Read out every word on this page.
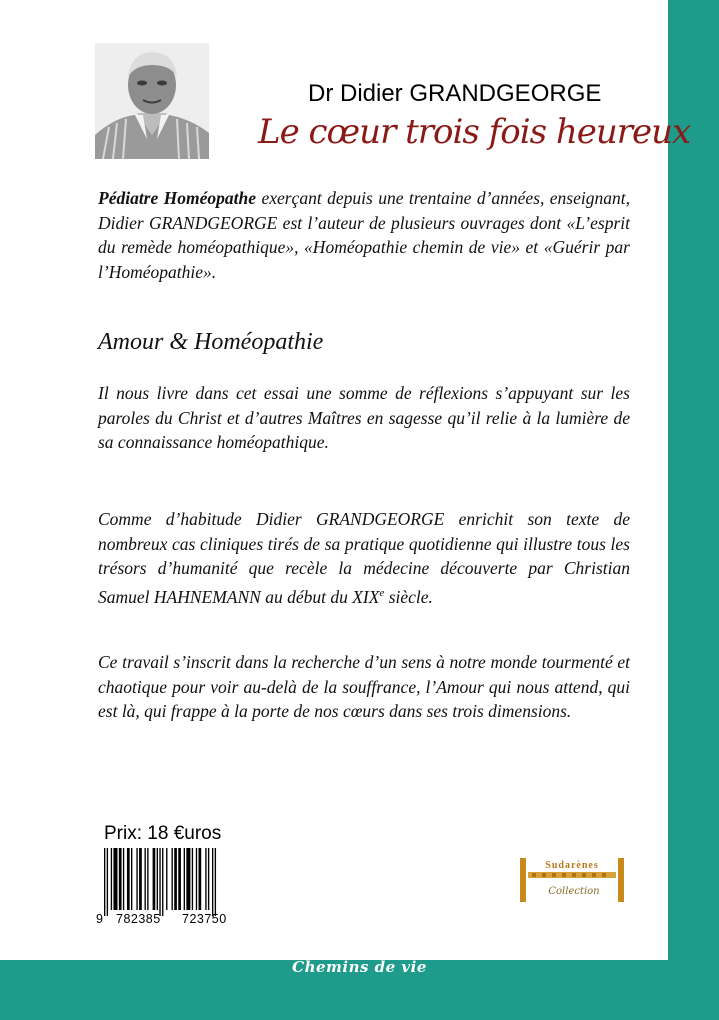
Chemins de vie
Dr Didier GRANDGEORGE
Le cœur trois fois heureux
Pédiatre Homéopathe exerçant depuis une trentaine d’années, enseignant, Didier GRANDGEORGE est l’auteur de plusieurs ouvrages dont «L’esprit du remède homéopathique», «Homéopathie chemin de vie» et «Guérir par l’Homéopathie».
Amour & Homéopathie
Il nous livre dans cet essai une somme de réflexions s’appuyant sur les paroles du Christ et d’autres Maîtres en sagesse qu’il relie à la lumière de sa connaissance homéopathique.
Comme d’habitude Didier GRANDGEORGE enrichit son texte de nombreux cas cliniques tirés de sa pratique quotidienne qui illustre tous les trésors d’humanité que recèle la médecine découverte par Christian Samuel HAHNEMANN au début du XIXe siècle.
Ce travail s’inscrit dans la recherche d’un sens à notre monde tourmenté et chaotique pour voir au-delà de la souffrance, l’Amour qui nous attend, qui est là, qui frappe à la porte de nos cœurs dans ses trois dimensions.
Prix: 18 €uros
9 782385 723750
Sudarènes
Collection
